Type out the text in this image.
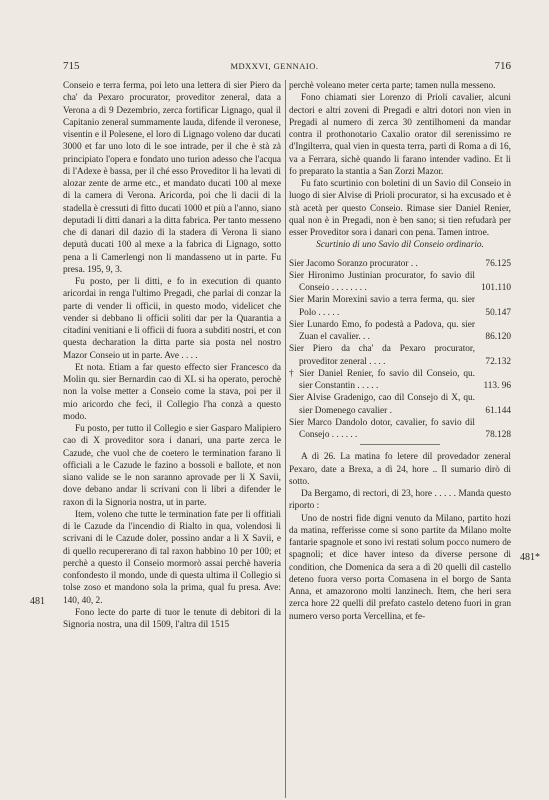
715	MDXXVI, GENNAIO.	716
481
481*

Conseio e terra ferma, poi leto una lettera di sier Piero da cha' da Pexaro procurator, proveditor zeneral, data a Verona a dì 9 Dezembrio, zerca fortificar Lignago, qual il Capitanio zeneral summamente lauda, difende il veronese, visentin e il Polesene, el loro di Lignago voleno dar ducati 3000 et far uno loto di le soe intrade, per il che è stà zà principiato l'opera e fondato uno turion adesso che l'acqua di l'Adexe è bassa, per il ché esso Proveditor li ha levati di alozar zente de arme etc., et mandato ducati 100 al mexe di la camera di Verona. Aricorda, poi che li dacii di la stadella è cressuti di fitto ducati 1000 et più a l'anno, siano deputadi li ditti danari a la ditta fabrica. Per tanto messeno che di danari dil dazio di la stadera di Verona li siano deputà ducati 100 al mexe a la fabrica di Lignago, sotto pena a li Camerlengi non li mandasseno ut in parte. Fu presa. 195, 9, 3.

Fu posto, per li ditti, e fo in execution di quanto aricordai in renga l'ultimo Pregadi, che parlai di conzar la parte di vender li officii, in questo modo, videlicet che vender si debbano li officii soliti dar per la Quarantia a citadini venitiani e li officii di fuora a subditi nostri, et con questa decharation la ditta parte sia posta nel nostro Mazor Conseio ut in parte. Ave . . . .

Et nota. Etiam a far questo effecto sier Francesco da Molin qu. sier Bernardin cao di XL si ha operato, perochè non la volse metter a Conseio come la stava, poi per il mio aricordo che feci, il Collegio l'ha conzà a questo modo.

Fu posto, per tutto il Collegio e sier Gasparo Malipiero cao di X proveditor sora i danari, una parte zerca le Cazude, che vuol che de coetero le termination farano li officiali a le Cazude le fazino a bossoli e ballote, et non siano valide se le non saranno aprovade per li X Savii, dove debano andar li scrivani con li libri a difender le raxon di la Signoria nostra, ut in parte.

Item, voleno che tutte le termination fate per li offitiali di le Cazude da l'incendio di Rialto in qua, volendosi li scrivani di le Cazude doler, possino andar a li X Savii, e di quello recupererano di tal raxon habbino 10 per 100; et perchè a questo il Conseio mormorò assai perchè haveria confondesto il mondo, unde di questa ultima il Collegio si tolse zoso et mandono sola la prima, qual fu presa. Ave: 140, 40, 2.

Fono lecte do parte di tuor le tenute di debitori di la Signoria nostra, una dil 1509, l'altra dil 1515

perchè voleano meter certa parte; tamen nulla messeno.

Fono chiamati sier Lorenzo di Prioli cavalier, alcuni dectori e altri zoveni di Pregadi e altri dotori non vien in Pregadi al numero di zerca 30 zentilhomeni da mandar contra il prothonotario Caxalio orator dil serenissimo re d'Ingilterra, qual vien in questa terra, partì di Roma a dì 16, va a Ferrara, sichè quando li farano intender vadino. Et li fo preparato la stantia a San Zorzi Mazor.

Fu fato scurtinio con boletini di un Savio dil Conseio in luogo di sier Alvise di Prioli procurator, si ha excusado et è stà acetà per questo Conseio. Rimase sier Daniel Renier, qual non è in Pregadi, non è ben sano; si tien refudarà per esser Proveditor sora i danari con pena. Tamen introe.

Scurtinio di uno Savio dil Conseio ordinario.

Sier Jacomo Soranzo procurator . .	76.125
Sier Hironimo Justinian procurator, fo savio dil Conseio . . . . . . . .	101.110
Sier Marin Morexini savio a terra ferma, qu. sier Polo . . . . .	50.147
Sier Lunardo Emo, fo podestà a Padova, qu. sier Zuan el cavalier. . .	86.120
Sier Piero da cha' da Pexaro procurator, proveditor zeneral . . . .	72.132
† Sier Daniel Renier, fo savio dil Conseio, qu. sier Constantin . . . . .	113. 96
Sier Alvise Gradenigo, cao dil Consejo di X, qu. sier Domenego cavalier .	61.144
Sier Marco Dandolo dotor, cavalier, fo savio dil Consejo . . . . . .	78.128

A dì 26. La matina fo letere dil provedador zeneral Pexaro, date a Brexa, a dì 24, hore .. Il sumario dirò di sotto.

Da Bergamo, di rectori, di 23, hore . . . . . Manda questo riporto :

Uno de nostri fide digni venuto da Milano, partito hozi da matina, refferisse come si sono partite da Milano molte fantarie spagnole et sono ivi restati solum pocco numero de spagnoli; et dice haver inteso da diverse persone di condition, che Domenica da sera a dì 20 quelli dil castello deteno fuora verso porta Comasena in el borgo de Santa Anna, et amazorono molti lanzinech. Item, che heri sera zerca hore 22 quelli dil prefato castelo deteno fuori in gran numero verso porta Vercellina, et fe-
